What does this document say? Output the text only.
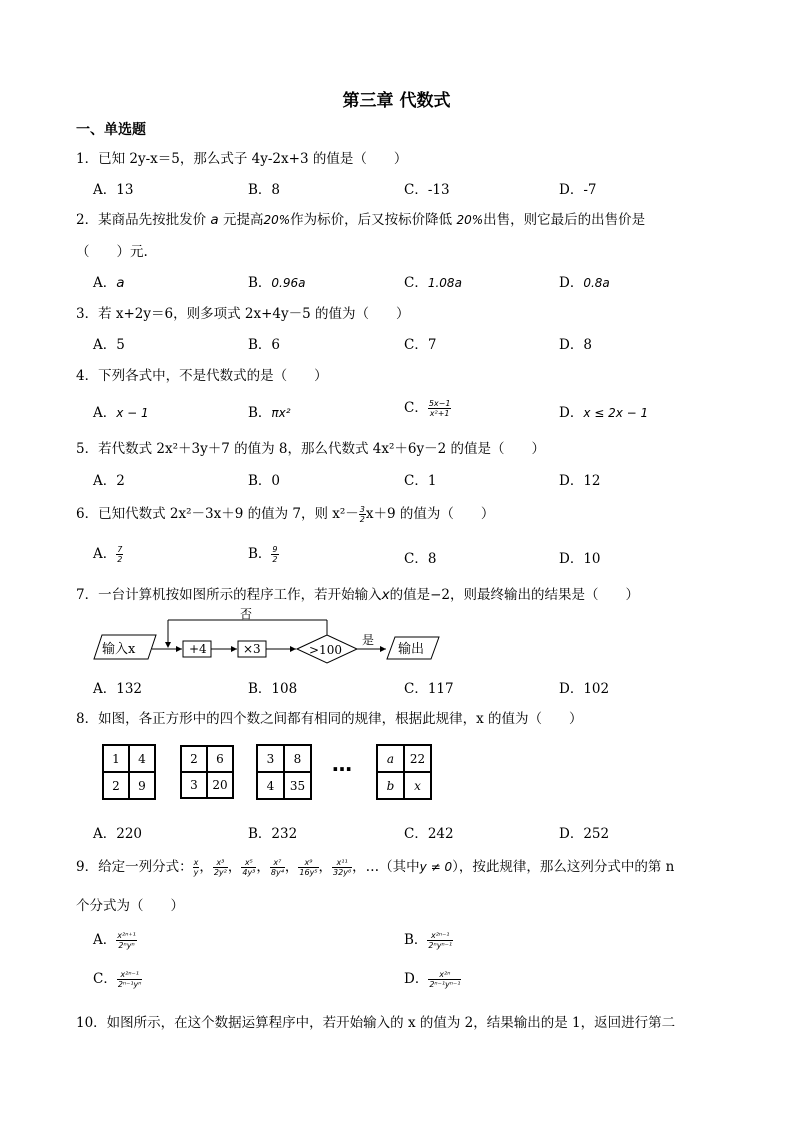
第三章 代数式
一、单选题
1．已知 2y-x＝5，那么式子 4y-2x+3 的值是（　　）
A．13	B．8	C．-13	D．-7
2．某商品先按批发价 a 元提高20%作为标价，后又按标价降低 20%出售，则它最后的出售价是
（　　）元.
A．a	B．0.96a	C．1.08a	D．0.8a
3．若 x+2y＝6，则多项式 2x+4y－5 的值为（　　）
A．5	B．6	C．7	D．8
4．下列各式中，不是代数式的是（　　）
A．x − 1	B．πx²	C． $\frac{5x-1}{\text{x²+1}}$	D．x ≤ 2x − 1
5．若代数式 2x²＋3y＋7 的值为 8，那么代数式 4x²＋6y－2 的值是（　　）
A．2	B．0	C．1	D．12
6．已知代数式 2x²－3x＋9 的值为 7，则 $x^2- \frac{3}{2} x+9$ 的值为（　　）
A． $\frac{7}{2}$	B． $\frac{9}{2}$	C．8	D．10
7．一台计算机按如图所示的程序工作，若开始输入x的值是−2，则最终输出的结果是（　　）
输入x	+4	×3	>100
否
是
输出
A．132	B．108	C．117	D．102
8．如图，各正方形中的四个数之间都有相同的规律，根据此规律，x 的值为（　　）
1	4
2	9
2	6
3	20
3	8
4	35
…	a	22
b	x
A．220	B．232	C．242	D．252
9．给定一列分式： $\frac{x}{y}$ ， $\frac{\text{x³}}{\text{2y²}}$ ， $\frac{\text{x⁵}}{\text{4y³}}$ ， $\frac{\text{x⁷}}{\text{8y⁴}}$ ， $\frac{\text{x⁹}}{\text{16y⁵}}$ ， $\frac{\text{x¹¹}}{\text{32y⁶}}$ ，…（其中y ≠ 0），按此规律，那么这列分式中的第 n
个分式为（　　）
A． $\frac{\text{x²ⁿ⁺¹}}{\text{2ⁿyⁿ}}$	B． $\frac{\text{x²ⁿ⁻¹}}{\text{2ⁿyⁿ⁻¹}}$
C． $\frac{\text{x²ⁿ⁻¹}}{\text{2ⁿ⁻¹yⁿ}}$	D． $\frac{\text{x²ⁿ}}{\text{2ⁿ⁻¹yⁿ⁻¹}}$
10．如图所示，在这个数据运算程序中，若开始输入的 x 的值为 2，结果输出的是 1，返回进行第二
